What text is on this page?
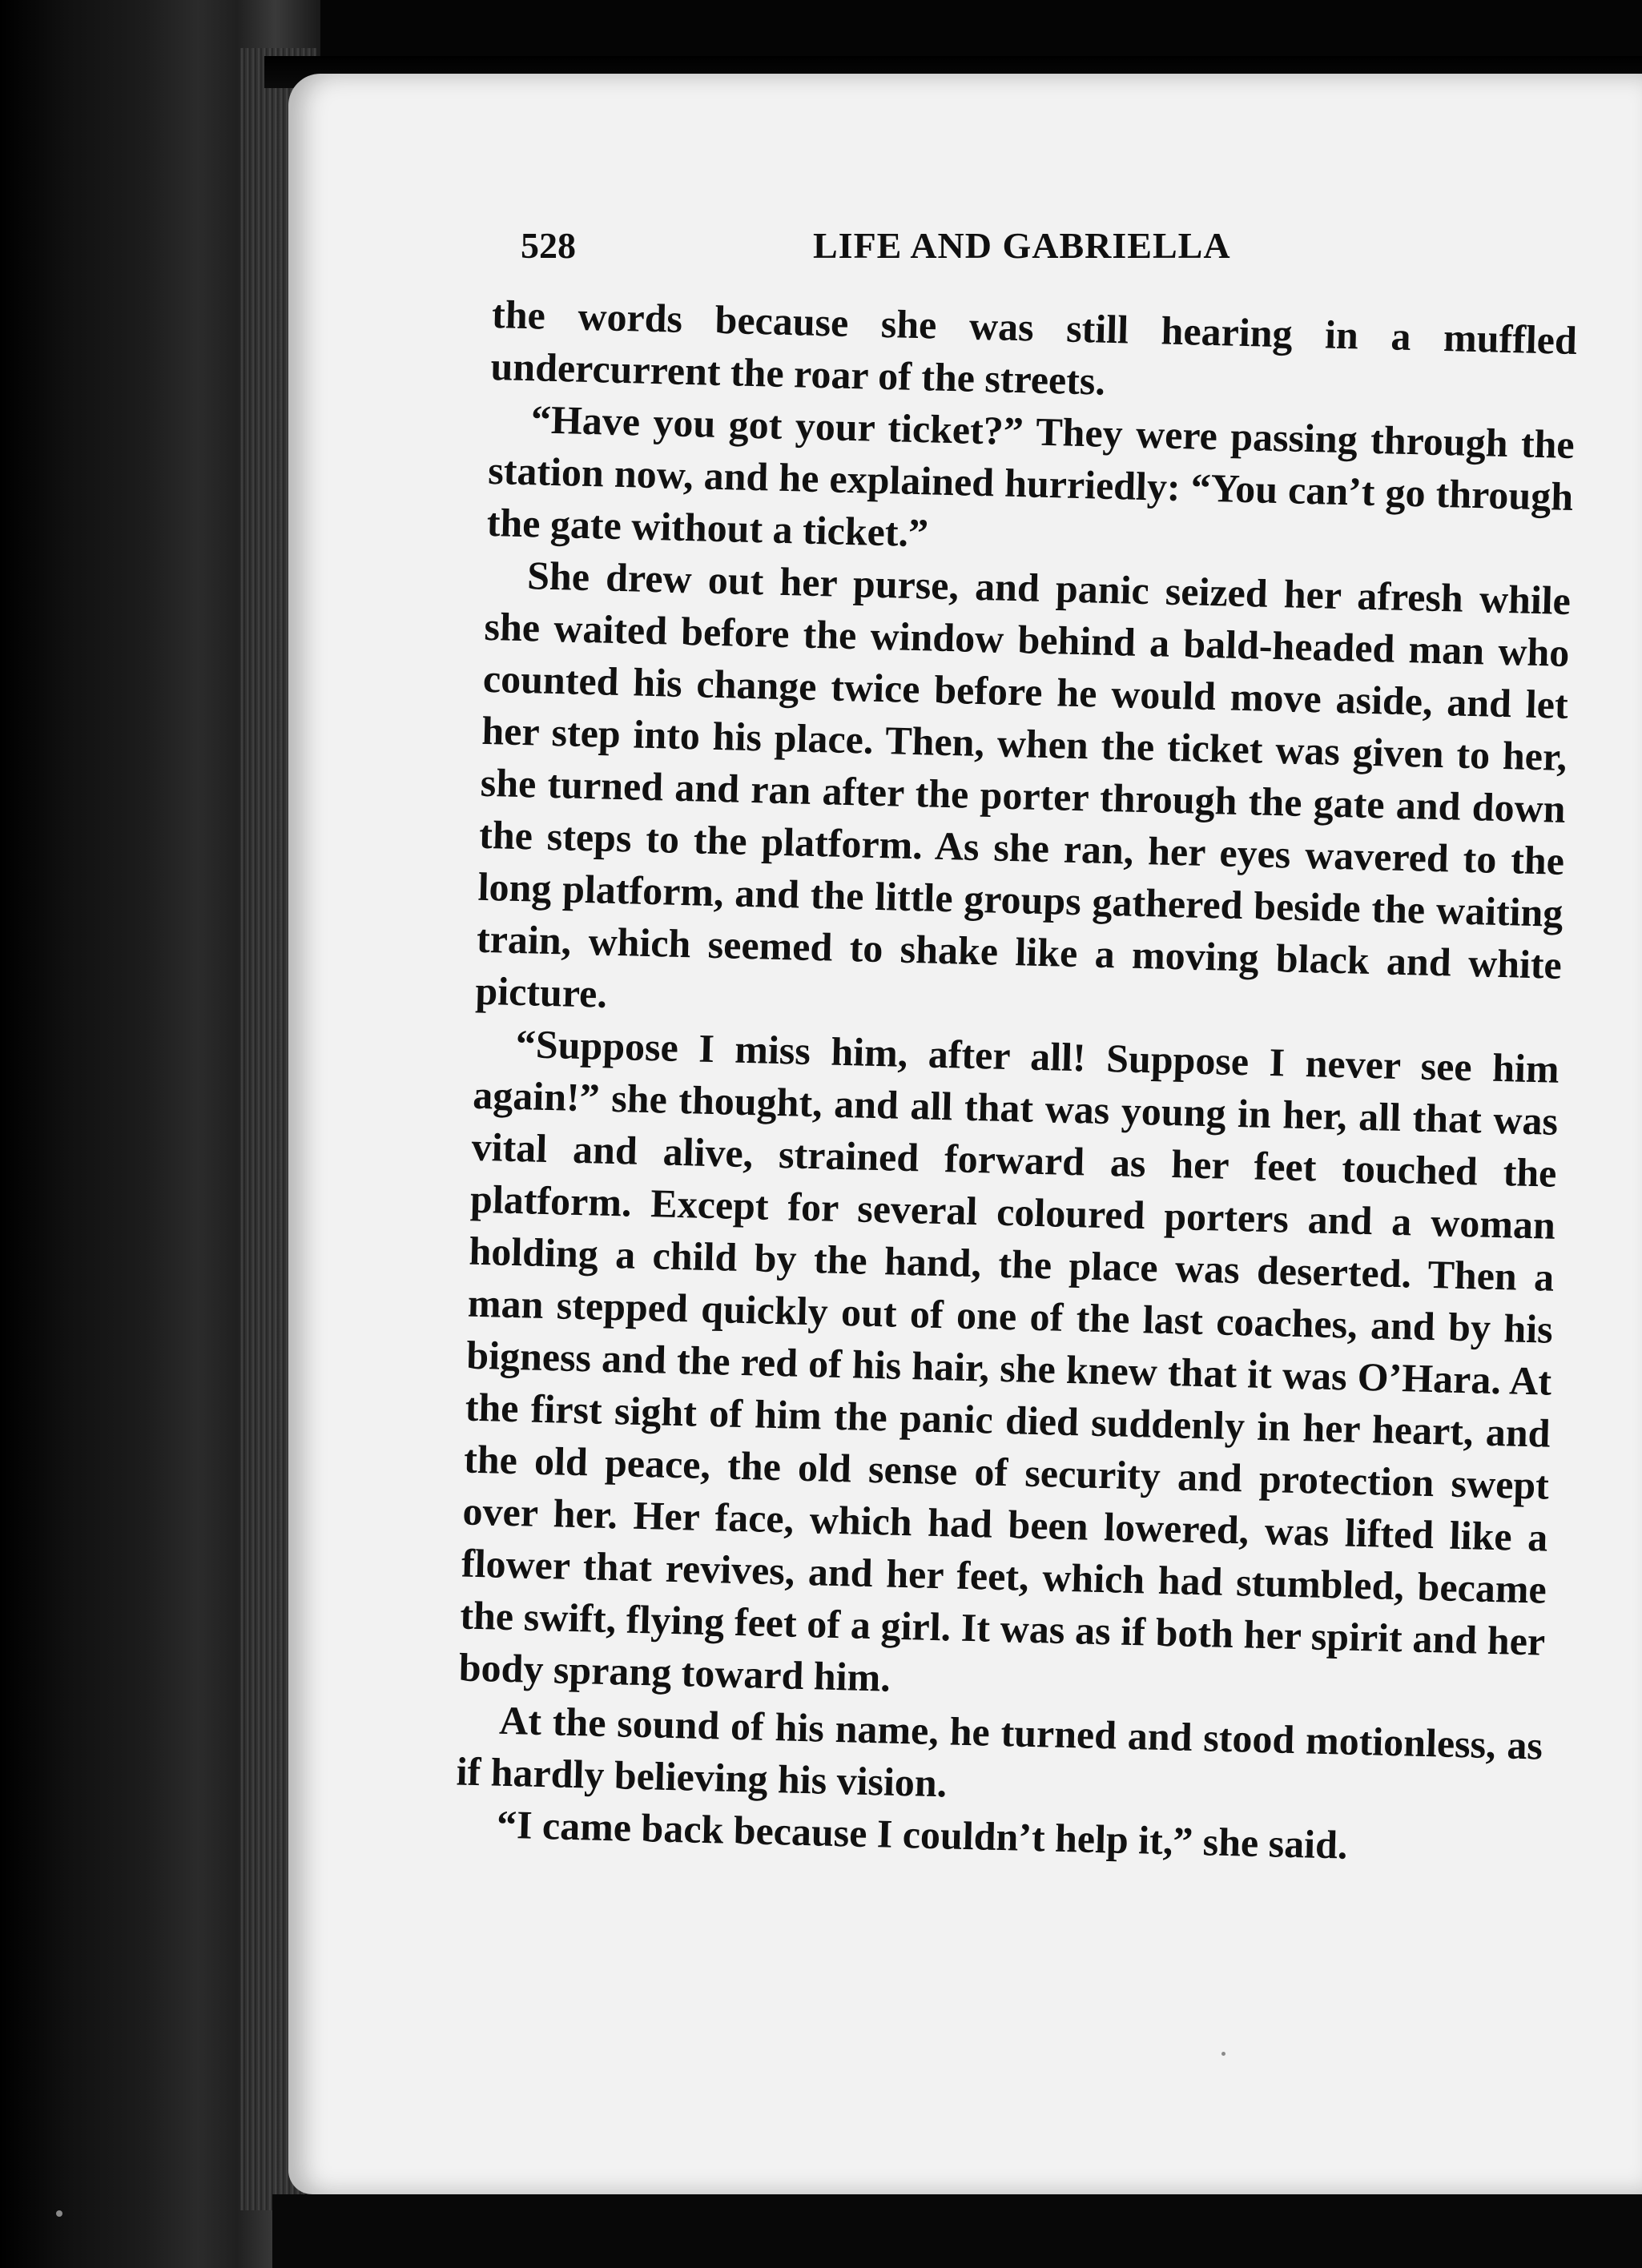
528	LIFE AND GABRIELLA

the words because she was still hearing in a muffled undercurrent the roar of the streets.

“Have you got your ticket?” They were passing through the station now, and he explained hurriedly: “You can’t go through the gate without a ticket.”

She drew out her purse, and panic seized her afresh while she waited before the window behind a bald-headed man who counted his change twice before he would move aside, and let her step into his place. Then, when the ticket was given to her, she turned and ran after the porter through the gate and down the steps to the platform. As she ran, her eyes wavered to the long platform, and the little groups gathered beside the waiting train, which seemed to shake like a moving black and white picture.

“Suppose I miss him, after all! Suppose I never see him again!” she thought, and all that was young in her, all that was vital and alive, strained forward as her feet touched the platform. Except for several coloured porters and a woman holding a child by the hand, the place was deserted. Then a man stepped quickly out of one of the last coaches, and by his bigness and the red of his hair, she knew that it was O’Hara. At the first sight of him the panic died suddenly in her heart, and the old peace, the old sense of security and protection swept over her. Her face, which had been lowered, was lifted like a flower that revives, and her feet, which had stumbled, became the swift, flying feet of a girl. It was as if both her spirit and her body sprang toward him.

At the sound of his name, he turned and stood motionless, as if hardly believing his vision.

“I came back because I couldn’t help it,” she said.
